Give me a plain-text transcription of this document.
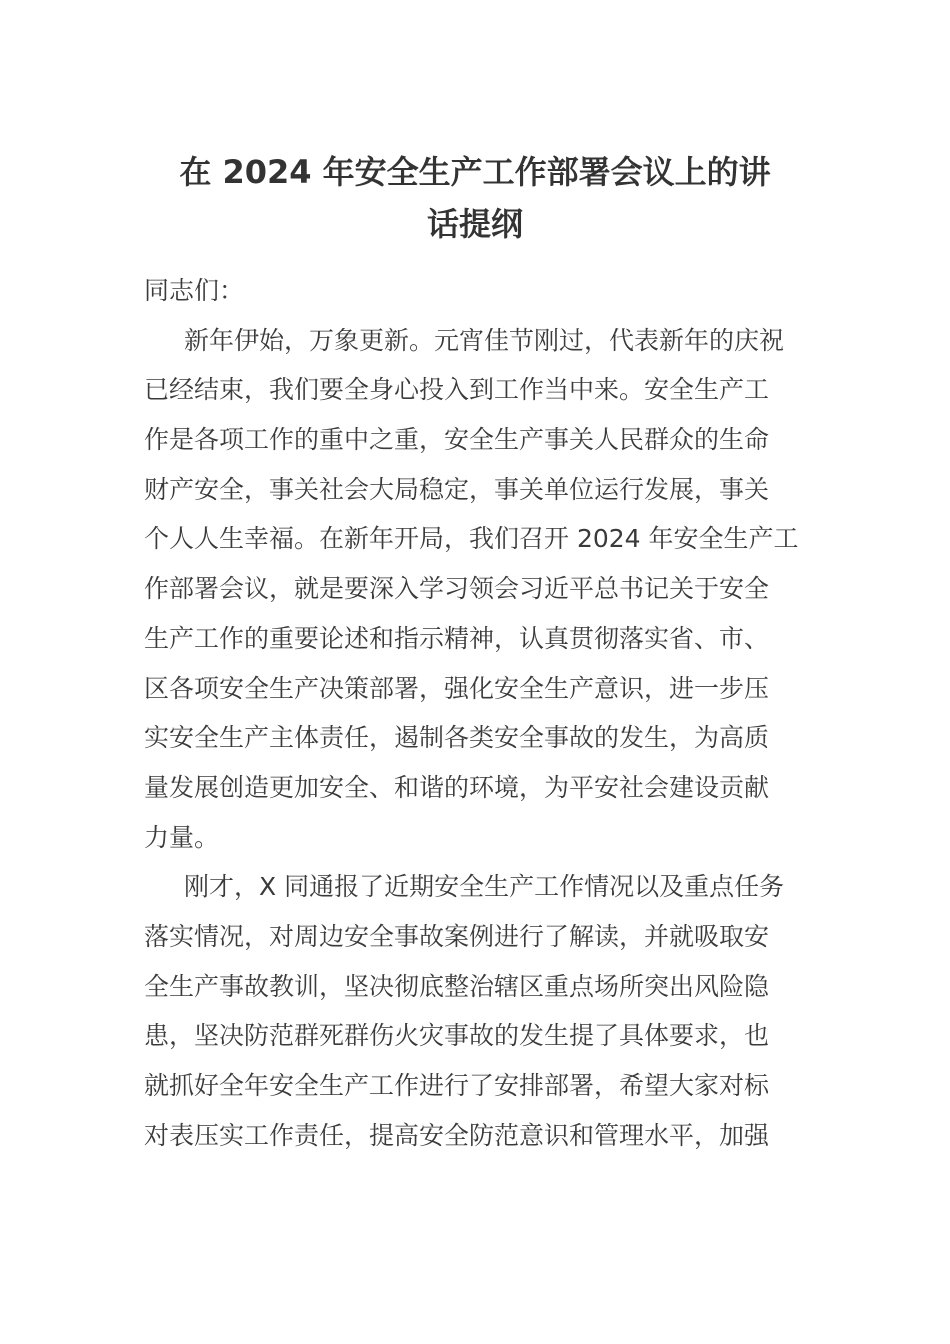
在 2024 年安全生产工作部署会议上的讲
话提纲
同志们：
新年伊始，万象更新。元宵佳节刚过，代表新年的庆祝
已经结束，我们要全身心投入到工作当中来。安全生产工
作是各项工作的重中之重，安全生产事关人民群众的生命
财产安全，事关社会大局稳定，事关单位运行发展，事关
个人人生幸福。在新年开局，我们召开 2024 年安全生产工
作部署会议，就是要深入学习领会习近平总书记关于安全
生产工作的重要论述和指示精神，认真贯彻落实省、市、
区各项安全生产决策部署，强化安全生产意识，进一步压
实安全生产主体责任，遏制各类安全事故的发生，为高质
量发展创造更加安全、和谐的环境，为平安社会建设贡献
力量。
刚才，X 同通报了近期安全生产工作情况以及重点任务
落实情况，对周边安全事故案例进行了解读，并就吸取安
全生产事故教训，坚决彻底整治辖区重点场所突出风险隐
患，坚决防范群死群伤火灾事故的发生提了具体要求，也
就抓好全年安全生产工作进行了安排部署，希望大家对标
对表压实工作责任，提高安全防范意识和管理水平，加强
